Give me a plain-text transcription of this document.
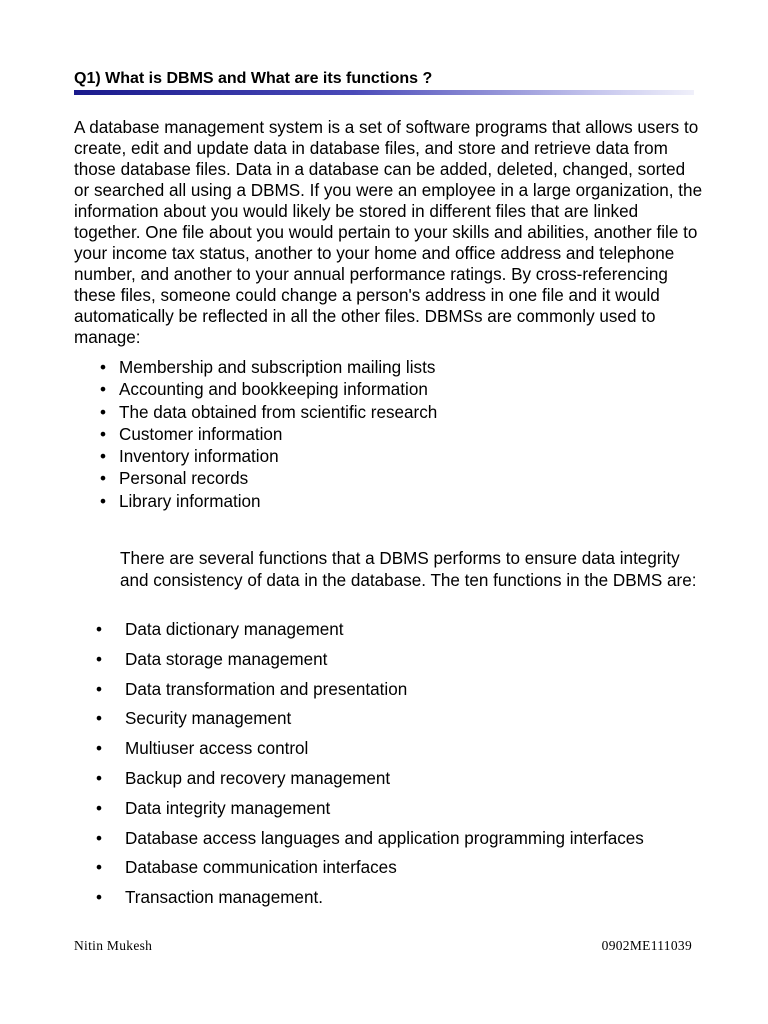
Q1) What is DBMS and What are its functions ?

A database management system is a set of software programs that allows users to create, edit and update data in database files, and store and retrieve data from those database files. Data in a database can be added, deleted, changed, sorted or searched all using a DBMS. If you were an employee in a large organization, the information about you would likely be stored in different files that are linked together. One file about you would pertain to your skills and abilities, another file to your income tax status, another to your home and office address and telephone number, and another to your annual performance ratings. By cross-referencing these files, someone could change a person's address in one file and it would automatically be reflected in all the other files. DBMSs are commonly used to manage:

• Membership and subscription mailing lists
• Accounting and bookkeeping information
• The data obtained from scientific research
• Customer information
• Inventory information
• Personal records
• Library information

There are several functions that a DBMS performs to ensure data integrity and consistency of data in the database. The ten functions in the DBMS are:

• Data dictionary management
• Data storage management
• Data transformation and presentation
• Security management
• Multiuser access control
• Backup and recovery management
• Data integrity management
• Database access languages and application programming interfaces
• Database communication interfaces
• Transaction management.
Nitin Mukesh	0902ME111039
